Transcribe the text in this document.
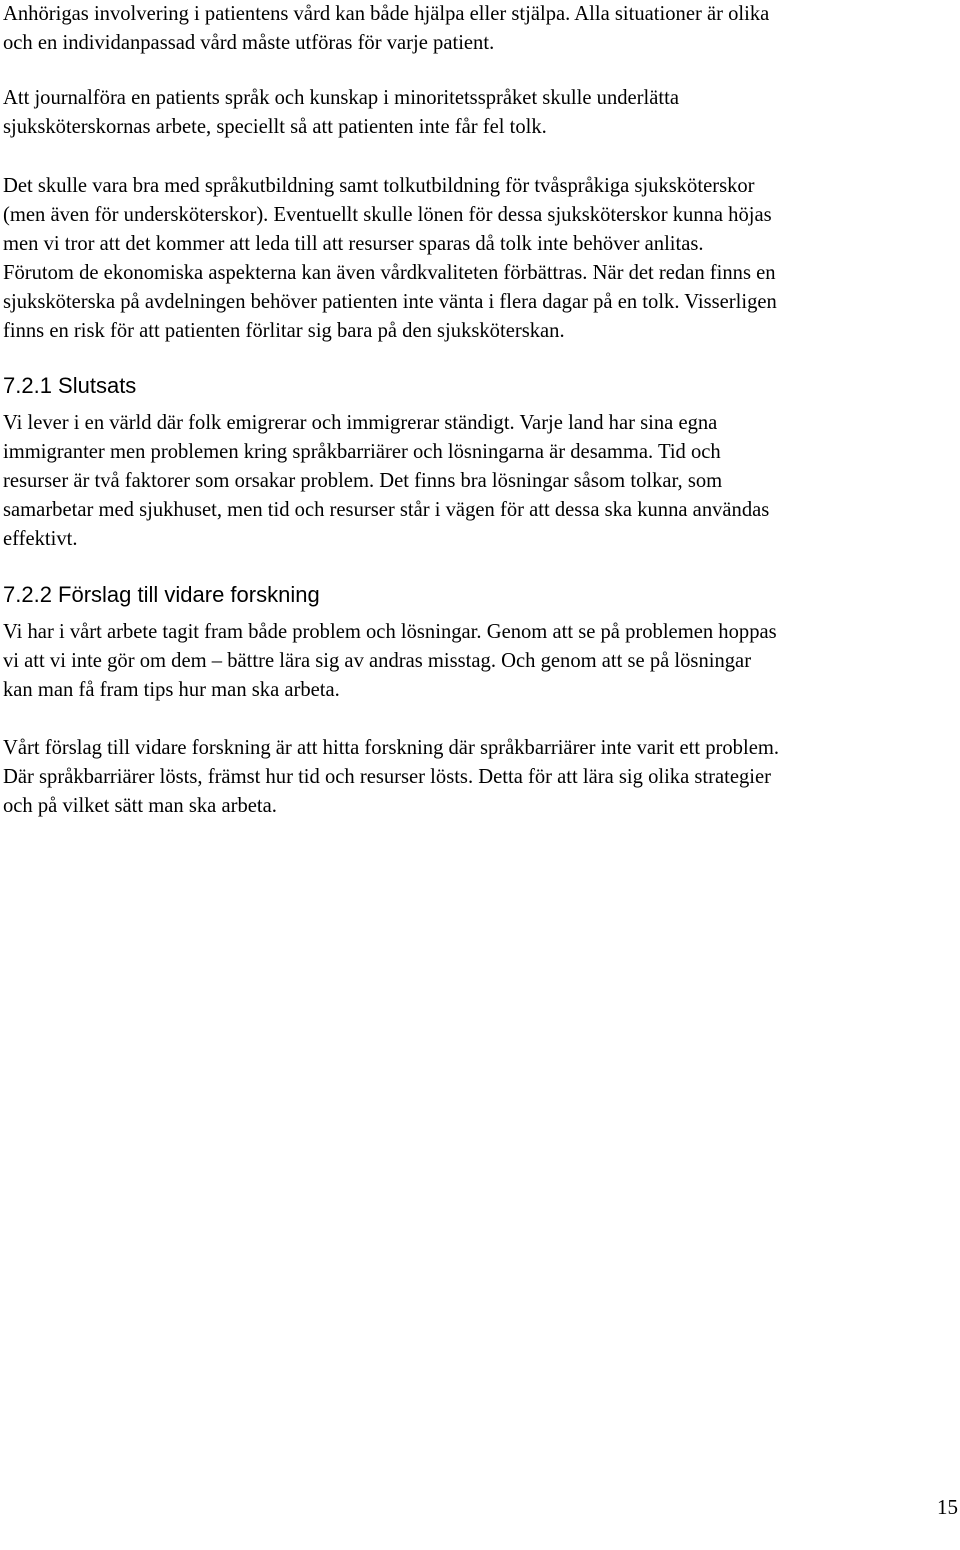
Anhörigas involvering i patientens vård kan både hjälpa eller stjälpa. Alla situationer är olika
och en individanpassad vård måste utföras för varje patient.

Att journalföra en patients språk och kunskap i minoritetsspråket skulle underlätta
sjuksköterskornas arbete, speciellt så att patienten inte får fel tolk.

Det skulle vara bra med språkutbildning samt tolkutbildning för tvåspråkiga sjuksköterskor
(men även för undersköterskor). Eventuellt skulle lönen för dessa sjuksköterskor kunna höjas
men vi tror att det kommer att leda till att resurser sparas då tolk inte behöver anlitas.
Förutom de ekonomiska aspekterna kan även vårdkvaliteten förbättras. När det redan finns en
sjuksköterska på avdelningen behöver patienten inte vänta i flera dagar på en tolk. Visserligen
finns en risk för att patienten förlitar sig bara på den sjuksköterskan.

7.2.1 Slutsats

Vi lever i en värld där folk emigrerar och immigrerar ständigt. Varje land har sina egna
immigranter men problemen kring språkbarriärer och lösningarna är desamma. Tid och
resurser är två faktorer som orsakar problem. Det finns bra lösningar såsom tolkar, som
samarbetar med sjukhuset, men tid och resurser står i vägen för att dessa ska kunna användas
effektivt.

7.2.2 Förslag till vidare forskning

Vi har i vårt arbete tagit fram både problem och lösningar. Genom att se på problemen hoppas
vi att vi inte gör om dem – bättre lära sig av andras misstag. Och genom att se på lösningar
kan man få fram tips hur man ska arbeta.

Vårt förslag till vidare forskning är att hitta forskning där språkbarriärer inte varit ett problem.
Där språkbarriärer lösts, främst hur tid och resurser lösts. Detta för att lära sig olika strategier
och på vilket sätt man ska arbeta.

15
